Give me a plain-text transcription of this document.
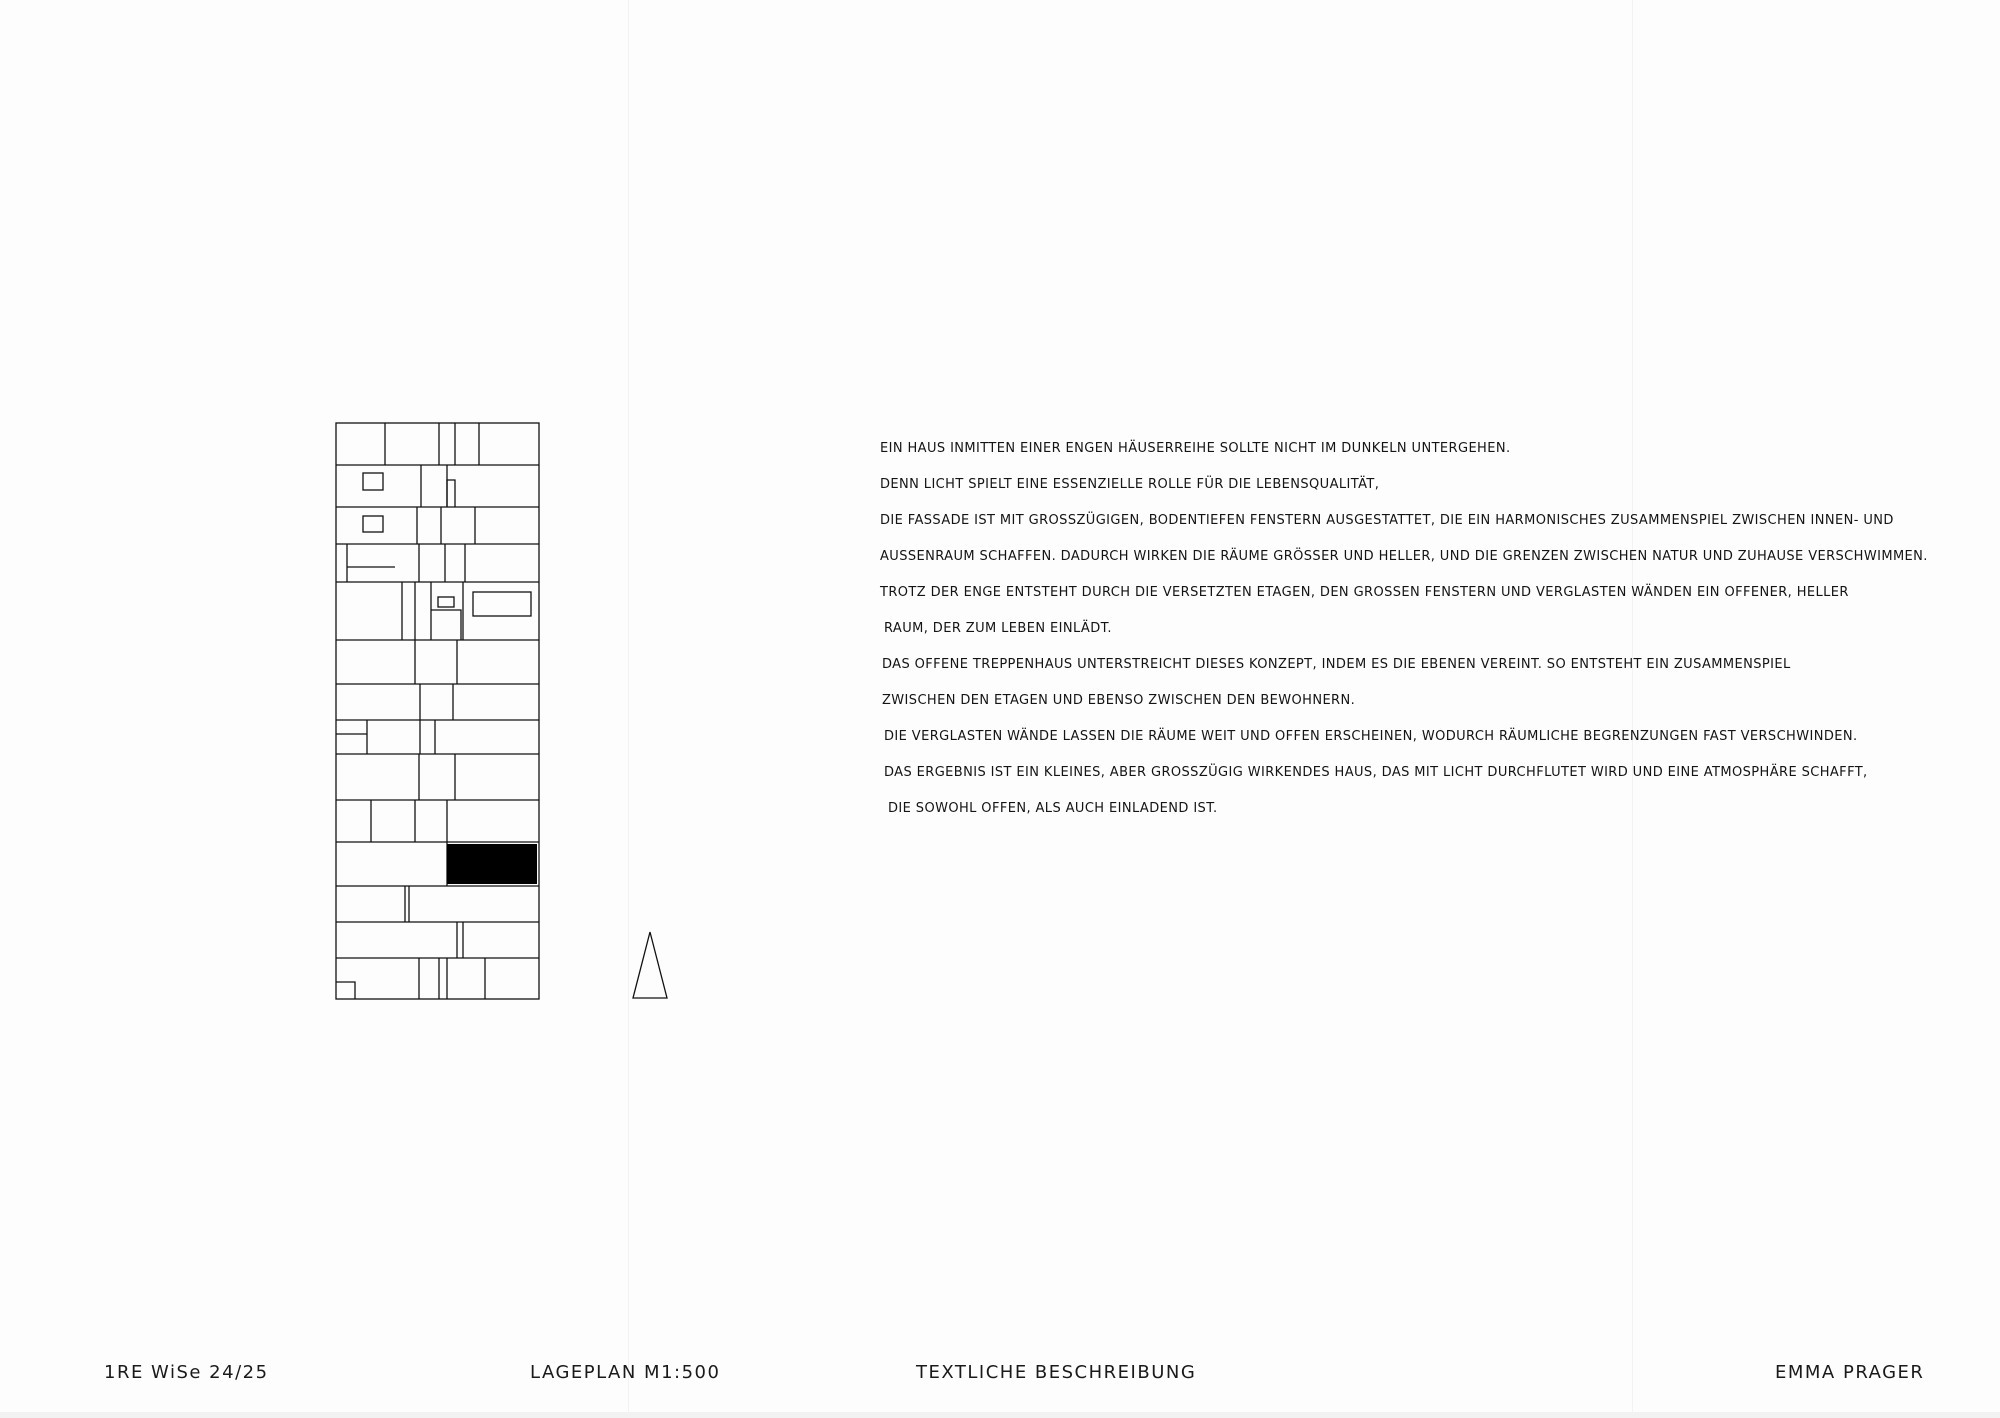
EIN HAUS INMITTEN EINER ENGEN HÄUSERREIHE SOLLTE NICHT IM DUNKELN UNTERGEHEN.
DENN LICHT SPIELT EINE ESSENZIELLE ROLLE FÜR DIE LEBENSQUALITÄT,
DIE FASSADE IST MIT GROSSZÜGIGEN, BODENTIEFEN FENSTERN AUSGESTATTET, DIE EIN HARMONISCHES ZUSAMMENSPIEL ZWISCHEN INNEN- UND
AUSSENRAUM SCHAFFEN. DADURCH WIRKEN DIE RÄUME GRÖSSER UND HELLER, UND DIE GRENZEN ZWISCHEN NATUR UND ZUHAUSE VERSCHWIMMEN.
TROTZ DER ENGE ENTSTEHT DURCH DIE VERSETZTEN ETAGEN, DEN GROSSEN FENSTERN UND VERGLASTEN WÄNDEN EIN OFFENER, HELLER
RAUM, DER ZUM LEBEN EINLÄDT.
DAS OFFENE TREPPENHAUS UNTERSTREICHT DIESES KONZEPT, INDEM ES DIE EBENEN VEREINT. SO ENTSTEHT EIN ZUSAMMENSPIEL
ZWISCHEN DEN ETAGEN UND EBENSO ZWISCHEN DEN BEWOHNERN.
DIE VERGLASTEN WÄNDE LASSEN DIE RÄUME WEIT UND OFFEN ERSCHEINEN, WODURCH RÄUMLICHE BEGRENZUNGEN FAST VERSCHWINDEN.
DAS ERGEBNIS IST EIN KLEINES, ABER GROSSZÜGIG WIRKENDES HAUS, DAS MIT LICHT DURCHFLUTET WIRD UND EINE ATMOSPHÄRE SCHAFFT,
DIE SOWOHL OFFEN, ALS AUCH EINLADEND IST.
1RE WiSe 24/25	LAGEPLAN M1:500	TEXTLICHE BESCHREIBUNG	EMMA PRAGER
